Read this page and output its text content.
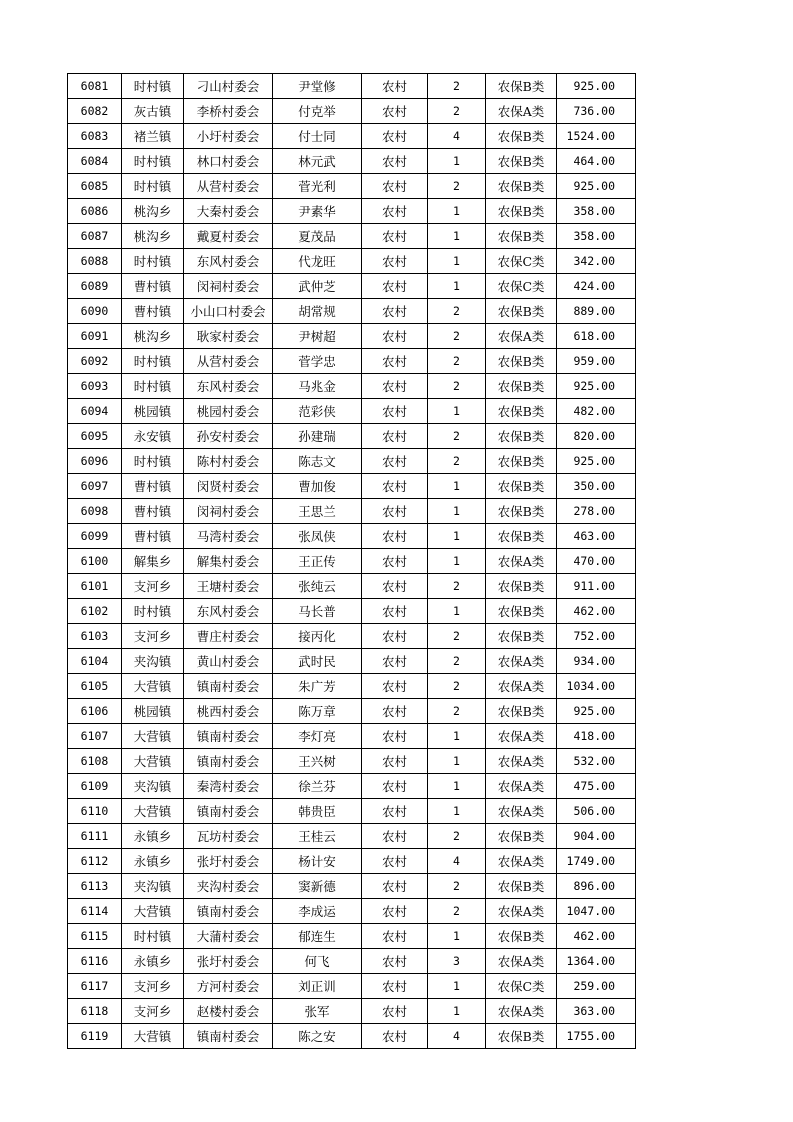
6081	时村镇	刁山村委会	尹堂修	农村	2	农保B类	925.00
6082	灰古镇	李桥村委会	付克举	农村	2	农保A类	736.00
6083	褚兰镇	小圩村委会	付士同	农村	4	农保B类	1524.00
6084	时村镇	林口村委会	林元武	农村	1	农保B类	464.00
6085	时村镇	从营村委会	菅光利	农村	2	农保B类	925.00
6086	桃沟乡	大秦村委会	尹素华	农村	1	农保B类	358.00
6087	桃沟乡	戴夏村委会	夏茂品	农村	1	农保B类	358.00
6088	时村镇	东风村委会	代龙旺	农村	1	农保C类	342.00
6089	曹村镇	闵祠村委会	武仲芝	农村	1	农保C类	424.00
6090	曹村镇	小山口村委会	胡常规	农村	2	农保B类	889.00
6091	桃沟乡	耿家村委会	尹树超	农村	2	农保A类	618.00
6092	时村镇	从营村委会	菅学忠	农村	2	农保B类	959.00
6093	时村镇	东风村委会	马兆金	农村	2	农保B类	925.00
6094	桃园镇	桃园村委会	范彩侠	农村	1	农保B类	482.00
6095	永安镇	孙安村委会	孙建瑞	农村	2	农保B类	820.00
6096	时村镇	陈村村委会	陈志文	农村	2	农保B类	925.00
6097	曹村镇	闵贤村委会	曹加俊	农村	1	农保B类	350.00
6098	曹村镇	闵祠村委会	王思兰	农村	1	农保B类	278.00
6099	曹村镇	马湾村委会	张凤侠	农村	1	农保B类	463.00
6100	解集乡	解集村委会	王正传	农村	1	农保A类	470.00
6101	支河乡	王塘村委会	张纯云	农村	2	农保B类	911.00
6102	时村镇	东风村委会	马长普	农村	1	农保B类	462.00
6103	支河乡	曹庄村委会	接丙化	农村	2	农保B类	752.00
6104	夹沟镇	黄山村委会	武时民	农村	2	农保A类	934.00
6105	大营镇	镇南村委会	朱广芳	农村	2	农保A类	1034.00
6106	桃园镇	桃西村委会	陈万章	农村	2	农保B类	925.00
6107	大营镇	镇南村委会	李灯亮	农村	1	农保A类	418.00
6108	大营镇	镇南村委会	王兴树	农村	1	农保A类	532.00
6109	夹沟镇	秦湾村委会	徐兰芬	农村	1	农保A类	475.00
6110	大营镇	镇南村委会	韩贵臣	农村	1	农保A类	506.00
6111	永镇乡	瓦坊村委会	王桂云	农村	2	农保B类	904.00
6112	永镇乡	张圩村委会	杨计安	农村	4	农保A类	1749.00
6113	夹沟镇	夹沟村委会	窦新德	农村	2	农保B类	896.00
6114	大营镇	镇南村委会	李成运	农村	2	农保A类	1047.00
6115	时村镇	大蒲村委会	郁连生	农村	1	农保B类	462.00
6116	永镇乡	张圩村委会	何飞	农村	3	农保A类	1364.00
6117	支河乡	方河村委会	刘正训	农村	1	农保C类	259.00
6118	支河乡	赵楼村委会	张军	农村	1	农保A类	363.00
6119	大营镇	镇南村委会	陈之安	农村	4	农保B类	1755.00
